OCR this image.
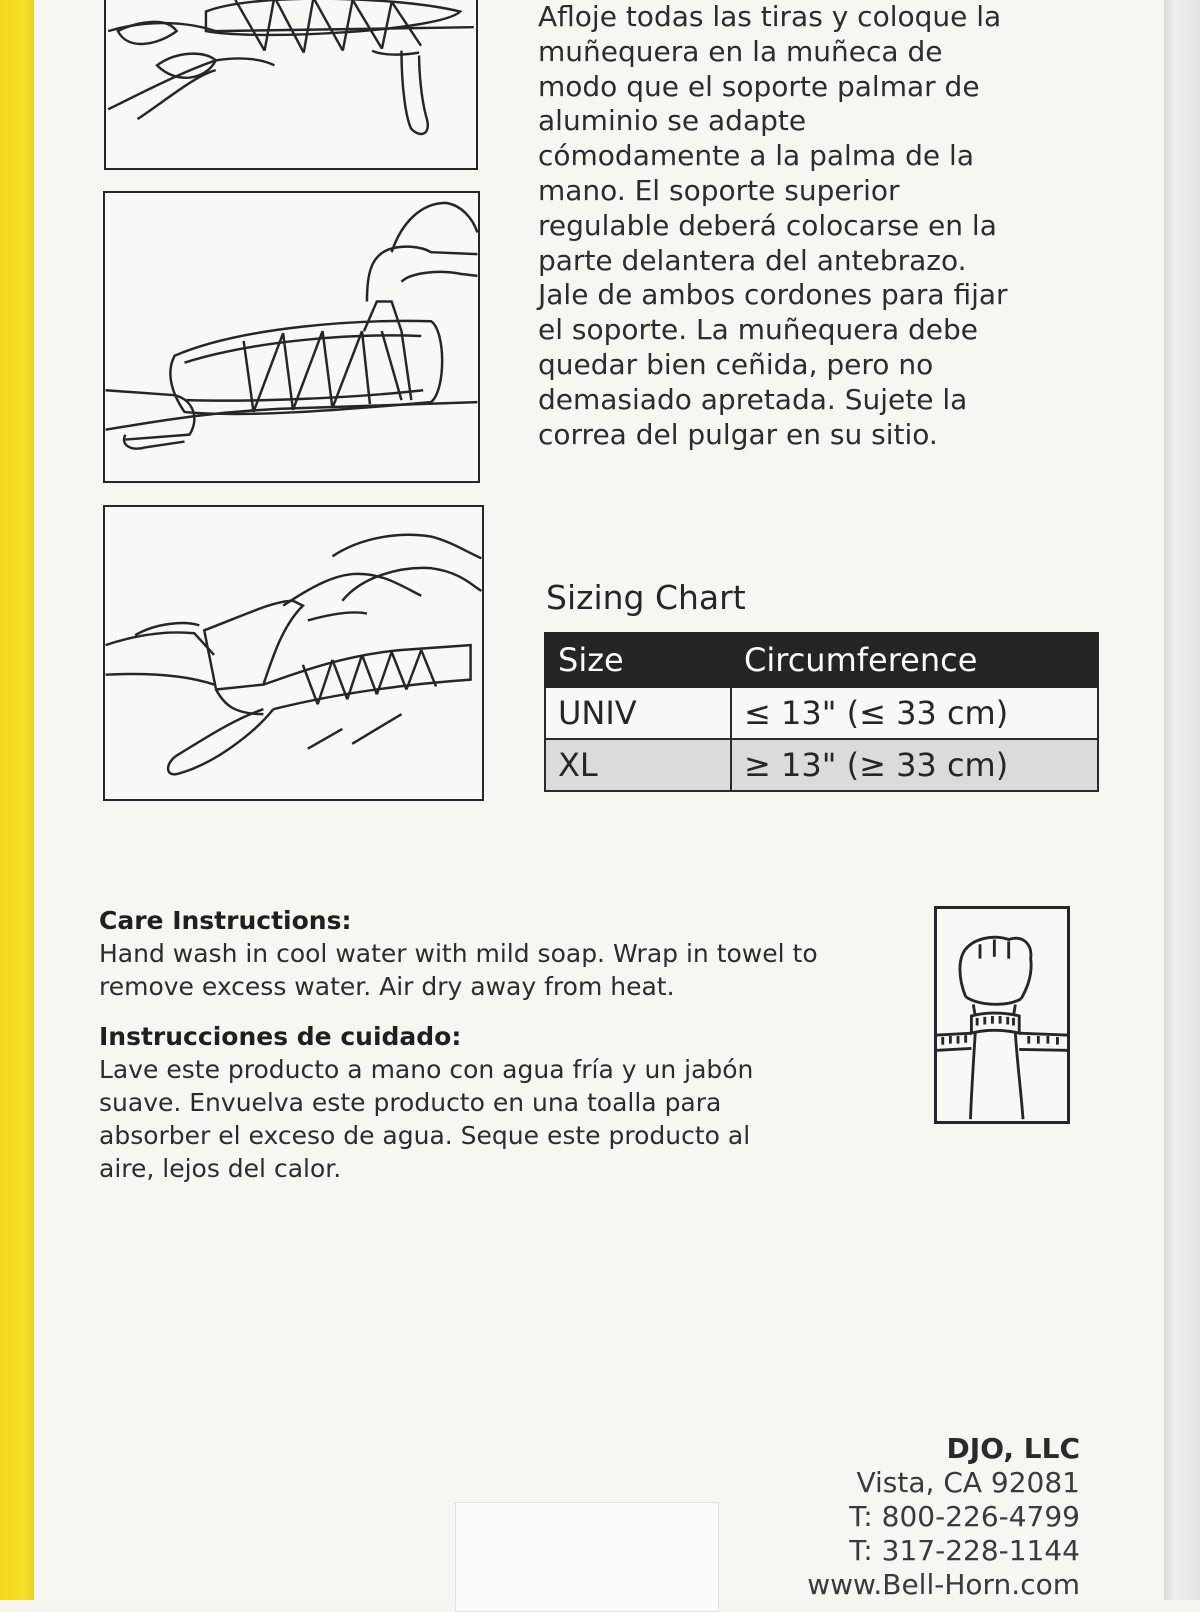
Afloje todas las tiras y coloque la
muñequera en la muñeca de
modo que el soporte palmar de
aluminio se adapte
cómodamente a la palma de la
mano. El soporte superior
regulable deberá colocarse en la
parte delantera del antebrazo.
Jale de ambos cordones para fijar
el soporte. La muñequera debe
quedar bien ceñida, pero no
demasiado apretada. Sujete la
correa del pulgar en su sitio.
Sizing Chart
Size	Circumference
UNIV	≤ 13" (≤ 33 cm)
XL	≥ 13" (≥ 33 cm)
Care Instructions:

Hand wash in cool water with mild soap. Wrap in towel to remove excess water. Air dry away from heat.

Instrucciones de cuidado:

Lave este producto a mano con agua fría y un jabón suave. Envuelva este producto en una toalla para absorber el exceso de agua. Seque este producto al aire, lejos del calor.

DJO, LLC
Vista, CA 92081
T: 800-226-4799
T: 317-228-1144
www.Bell-Horn.com
